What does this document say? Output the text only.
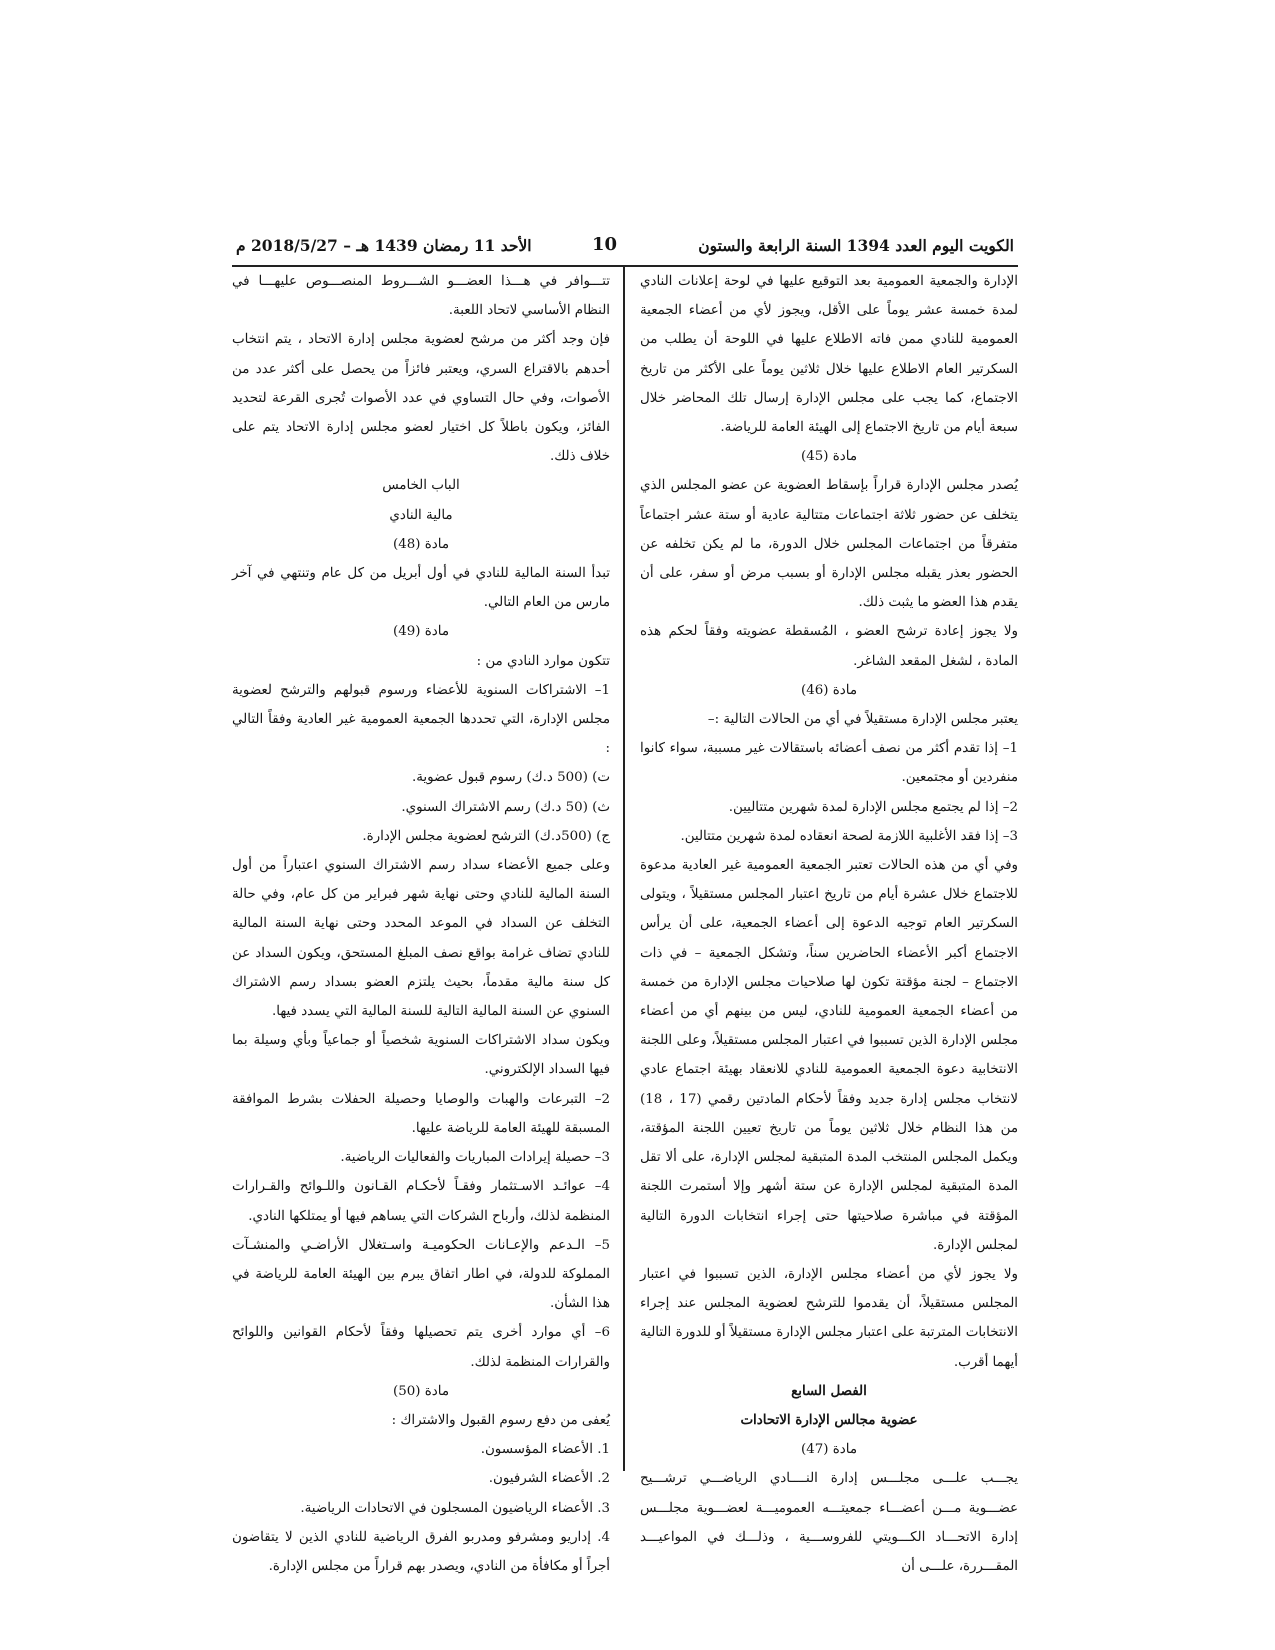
الكويت اليوم العدد 1394 السنة الرابعة والستون
10
الأحد 11 رمضان 1439 هـ – 2018/5/27 م

الإدارة والجمعية العمومية بعد التوقيع عليها في لوحة إعلانات النادي لمدة خمسة عشر يوماً على الأقل، ويجوز لأي من أعضاء الجمعية العمومية للنادي ممن فاته الاطلاع عليها في اللوحة أن يطلب من السكرتير العام الاطلاع عليها خلال ثلاثين يوماً على الأكثر من تاريخ الاجتماع، كما يجب على مجلس الإدارة إرسال تلك المحاضر خلال سبعة أيام من تاريخ الاجتماع إلى الهيئة العامة للرياضة.

مادة (45)

يُصدر مجلس الإدارة قراراً بإسقاط العضوية عن عضو المجلس الذي يتخلف عن حضور ثلاثة اجتماعات متتالية عادية أو ستة عشر اجتماعاً متفرقاً من اجتماعات المجلس خلال الدورة، ما لم يكن تخلفه عن الحضور بعذر يقبله مجلس الإدارة أو بسبب مرض أو سفر، على أن يقدم هذا العضو ما يثبت ذلك.

ولا يجوز إعادة ترشح العضو ، المُسقطة عضويته وفقاً لحكم هذه المادة ، لشغل المقعد الشاغر.

مادة (46)

يعتبر مجلس الإدارة مستقيلاً في أي من الحالات التالية :–

1– إذا تقدم أكثر من نصف أعضائه باستقالات غير مسببة، سواء كانوا منفردين أو مجتمعين.

2– إذا لم يجتمع مجلس الإدارة لمدة شهرين متتاليين.

3– إذا فقد الأغلبية اللازمة لصحة انعقاده لمدة شهرين متتالين.

وفي أي من هذه الحالات تعتبر الجمعية العمومية غير العادية مدعوة للاجتماع خلال عشرة أيام من تاريخ اعتبار المجلس مستقيلاً ، ويتولى السكرتير العام توجيه الدعوة إلى أعضاء الجمعية، على أن يرأس الاجتماع أكبر الأعضاء الحاضرين سناً، وتشكل الجمعية – في ذات الاجتماع – لجنة مؤقتة تكون لها صلاحيات مجلس الإدارة من خمسة من أعضاء الجمعية العمومية للنادي، ليس من بينهم أي من أعضاء مجلس الإدارة الذين تسببوا في اعتبار المجلس مستقيلاً، وعلى اللجنة الانتخابية دعوة الجمعية العمومية للنادي للانعقاد بهيئة اجتماع عادي لانتخاب مجلس إدارة جديد وفقاً لأحكام المادتين رقمي (17 ، 18) من هذا النظام خلال ثلاثين يوماً من تاريخ تعيين اللجنة المؤقتة، ويكمل المجلس المنتخب المدة المتبقية لمجلس الإدارة، على ألا تقل المدة المتبقية لمجلس الإدارة عن ستة أشهر وإلا أستمرت اللجنة المؤقتة في مباشرة صلاحيتها حتى إجراء انتخابات الدورة التالية لمجلس الإدارة.

ولا يجوز لأي من أعضاء مجلس الإدارة، الذين تسببوا في اعتبار المجلس مستقيلاً، أن يقدموا للترشح لعضوية المجلس عند إجراء الانتخابات المترتبة على اعتبار مجلس الإدارة مستقيلاً أو للدورة التالية أيهما أقرب.

الفصل السابع

عضوية مجالس الإدارة الاتحادات

مادة (47)

يجـــب علـــى مجلـــس إدارة النــــادي الرياضـــي ترشـــيح عضـــوية مـــن أعضـــاء جمعيتـــه العموميـــة لعضـــوية مجلـــس إدارة الاتحـــاد الكـــويتي للفروســـية ، وذلـــك في المواعيـــد المقـــررة، علـــى أن

تتـــوافر في هـــذا العضـــو الشـــروط المنصـــوص عليهـــا في النظام الأساسي لاتحاد اللعبة.

فإن وجد أكثر من مرشح لعضوية مجلس إدارة الاتحاد ، يتم انتخاب أحدهم بالاقتراع السري، ويعتبر فائزاً من يحصل على أكثر عدد من الأصوات، وفي حال التساوي في عدد الأصوات تُجرى القرعة لتحديد الفائز، ويكون باطلاً كل اختيار لعضو مجلس إدارة الاتحاد يتم على خلاف ذلك.

الباب الخامس

مالية النادي

مادة (48)

تبدأ السنة المالية للنادي في أول أبريل من كل عام وتنتهي في آخر مارس من العام التالي.

مادة (49)

تتكون موارد النادي من :

1– الاشتراكات السنوية للأعضاء ورسوم قبولهم والترشح لعضوية مجلس الإدارة، التي تحددها الجمعية العمومية غير العادية وفقاً التالي :

ت) (500 د.ك) رسوم قبول عضوية.

ث) (50 د.ك) رسم الاشتراك السنوي.

ج) (500د.ك) الترشح لعضوية مجلس الإدارة.

وعلى جميع الأعضاء سداد رسم الاشتراك السنوي اعتباراً من أول السنة المالية للنادي وحتى نهاية شهر فبراير من كل عام، وفي حالة التخلف عن السداد في الموعد المحدد وحتى نهاية السنة المالية للنادي تضاف غرامة بواقع نصف المبلغ المستحق، ويكون السداد عن كل سنة مالية مقدماً، بحيث يلتزم العضو بسداد رسم الاشتراك السنوي عن السنة المالية التالية للسنة المالية التي يسدد فيها.

ويكون سداد الاشتراكات السنوية شخصياً أو جماعياً وبأي وسيلة بما فيها السداد الإلكتروني.

2– التبرعات والهبات والوصايا وحصيلة الحفلات بشرط الموافقة المسبقة للهيئة العامة للرياضة عليها.

3– حصيلة إيرادات المباريات والفعاليات الرياضية.

4– عوائـد الاسـتثمار وفقـاً لأحكـام القـانون واللـوائح والقـرارات المنظمة لذلك، وأرباح الشركات التي يساهم فيها أو يمتلكها النادي.

5– الـدعم والإعـانات الحكوميـة واسـتغلال الأراضـي والمنشـآت المملوكة للدولة، في اطار اتفاق يبرم بين الهيئة العامة للرياضة في هذا الشأن.

6– أي موارد أخرى يتم تحصيلها وفقاً لأحكام القوانين واللوائح والقرارات المنظمة لذلك.

مادة (50)

يُعفى من دفع رسوم القبول والاشتراك :

1. الأعضاء المؤسسون.

2. الأعضاء الشرفيون.

3. الأعضاء الرياضيون المسجلون في الاتحادات الرياضية.

4. إداريو ومشرفو ومدربو الفرق الرياضية للنادي الذين لا يتقاضون أجراً أو مكافأة من النادي، ويصدر بهم قراراً من مجلس الإدارة.
